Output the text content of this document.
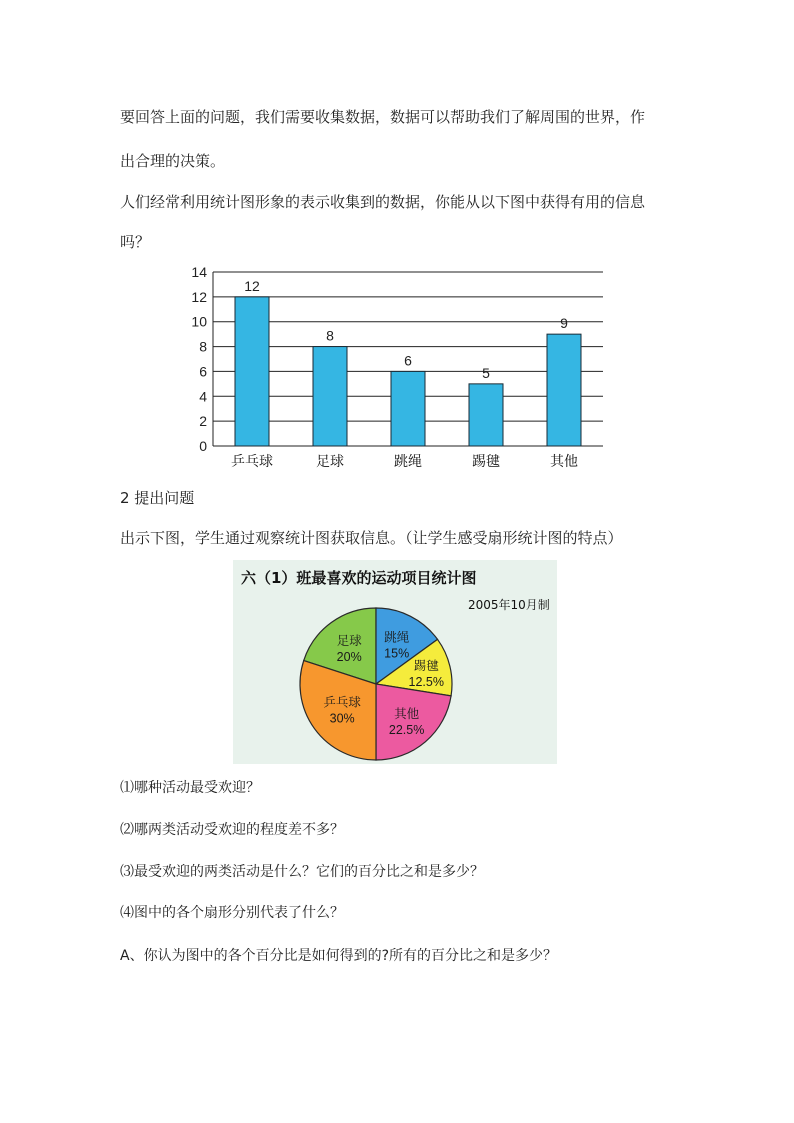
要回答上面的问题，我们需要收集数据，数据可以帮助我们了解周围的世界，作
出合理的决策。
人们经常利用统计图形象的表示收集到的数据，你能从以下图中获得有用的信息
吗？
0
2
4
6
8
10
12
14
12
乒乓球
8
足球
6
跳绳
5
踢毽
9
其他
2 提出问题
出示下图，学生通过观察统计图获取信息。（让学生感受扇形统计图的特点）
六（1）班最喜欢的运动项目统计图
2005年10月制
足球
20%
跳绳
15%
踢毽
12.5%
其他
22.5%
乒乓球
30%
⑴哪种活动最受欢迎？
⑵哪两类活动受欢迎的程度差不多？
⑶最受欢迎的两类活动是什么？它们的百分比之和是多少？
⑷图中的各个扇形分别代表了什么？
A、你认为图中的各个百分比是如何得到的?所有的百分比之和是多少？
